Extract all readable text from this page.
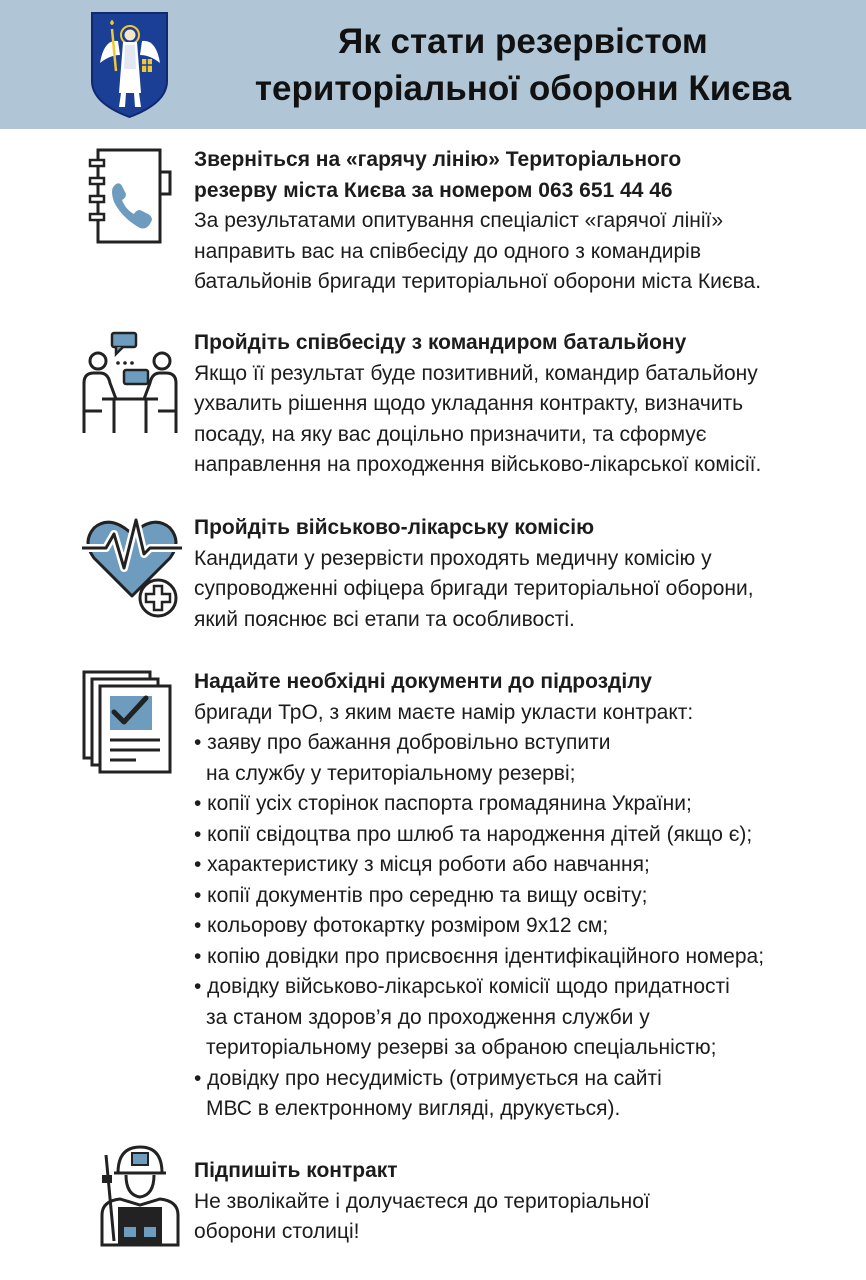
Як стати резервістом
територіальної оборони Києва
Зверніться на «гарячу лінію» Територіального
резерву міста Києва за номером 063 651 44 46
За результатами опитування спеціаліст «гарячої лінії»
направить вас на співбесіду до одного з командирів
батальйонів бригади територіальної оборони міста Києва.
Пройдіть співбесіду з командиром батальйону
Якщо її результат буде позитивний, командир батальйону
ухвалить рішення щодо укладання контракту, визначить
посаду, на яку вас доцільно призначити, та сформує
направлення на проходження військово-лікарської комісії.
Пройдіть військово-лікарську комісію
Кандидати у резервісти проходять медичну комісію у
супроводженні офіцера бригади територіальної оборони,
який пояснює всі етапи та особливості.
Надайте необхідні документи до підрозділу
бригади ТрО, з яким маєте намір укласти контракт:
• заяву про бажання добровільно вступити
на службу у територіальному резерві;
• копії усіх сторінок паспорта громадянина України;
• копії свідоцтва про шлюб та народження дітей (якщо є);
• характеристику з місця роботи або навчання;
• копії документів про середню та вищу освіту;
• кольорову фотокартку розміром 9х12 см;
• копію довідки про присвоєння ідентифікаційного номера;
• довідку військово-лікарської комісії щодо придатності
за станом здоров’я до проходження служби у
територіальному резерві за обраною спеціальністю;
• довідку про несудимість (отримується на сайті
МВС в електронному вигляді, друкується).
Підпишіть контракт
Не зволікайте і долучаєтеся до територіальної
оборони столиці!
